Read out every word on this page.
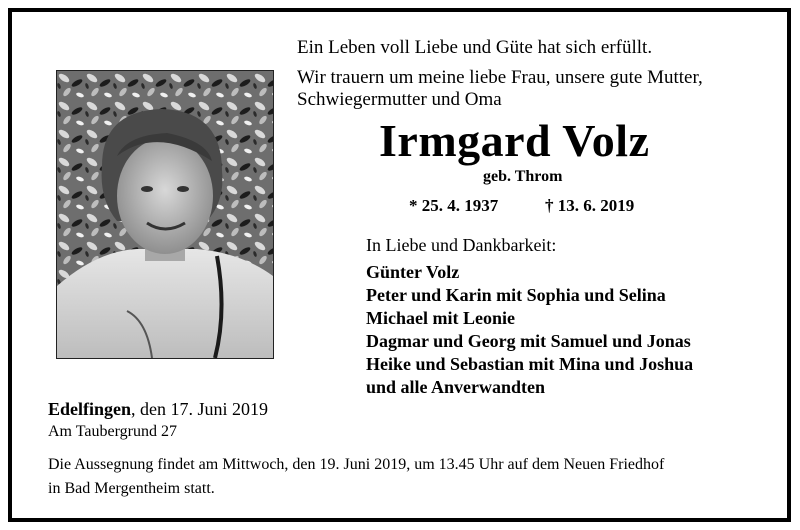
Ein Leben voll Liebe und Güte hat sich erfüllt.
Wir trauern um meine liebe Frau, unsere gute Mutter,
Schwiegermutter und Oma
Irmgard Volz
geb. Throm
* 25. 4. 1937	† 13. 6. 2019
In Liebe und Dankbarkeit:
Günter Volz
Peter und Karin mit Sophia und Selina
Michael mit Leonie
Dagmar und Georg mit Samuel und Jonas
Heike und Sebastian mit Mina und Joshua
und alle Anverwandten
Edelfingen, den 17. Juni 2019
Am Taubergrund 27
Die Aussegnung findet am Mittwoch, den 19. Juni 2019, um 13.45 Uhr auf dem Neuen Friedhof
in Bad Mergentheim statt.
